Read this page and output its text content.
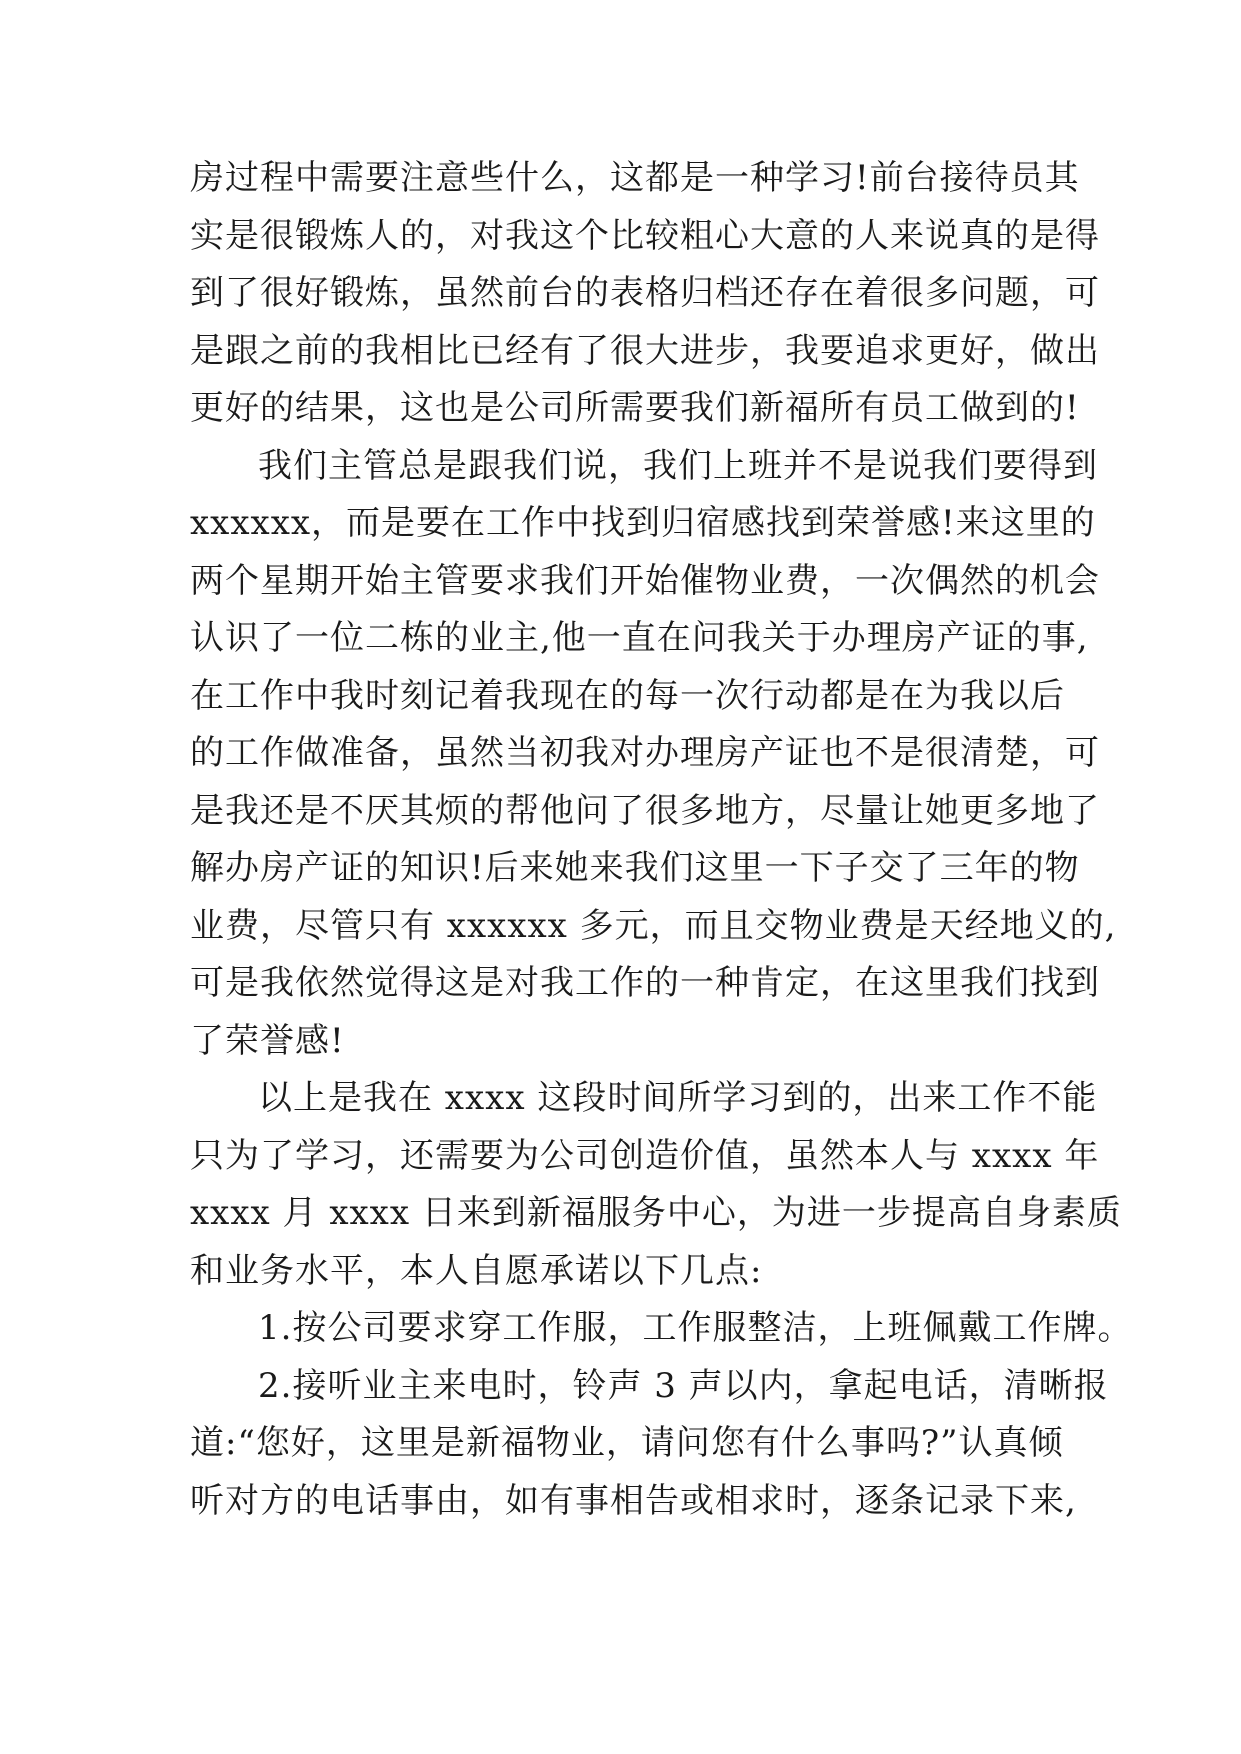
房过程中需要注意些什么，这都是一种学习!前台接待员其
实是很锻炼人的，对我这个比较粗心大意的人来说真的是得
到了很好锻炼，虽然前台的表格归档还存在着很多问题，可
是跟之前的我相比已经有了很大进步，我要追求更好，做出
更好的结果，这也是公司所需要我们新福所有员工做到的!
我们主管总是跟我们说，我们上班并不是说我们要得到
xxxxxx，而是要在工作中找到归宿感找到荣誉感!来这里的
两个星期开始主管要求我们开始催物业费，一次偶然的机会
认识了一位二栋的业主,他一直在问我关于办理房产证的事,
在工作中我时刻记着我现在的每一次行动都是在为我以后
的工作做准备，虽然当初我对办理房产证也不是很清楚，可
是我还是不厌其烦的帮他问了很多地方，尽量让她更多地了
解办房产证的知识!后来她来我们这里一下子交了三年的物
业费，尽管只有 xxxxxx 多元，而且交物业费是天经地义的,
可是我依然觉得这是对我工作的一种肯定，在这里我们找到
了荣誉感!
以上是我在 xxxx 这段时间所学习到的，出来工作不能
只为了学习，还需要为公司创造价值，虽然本人与 xxxx 年
xxxx 月 xxxx 日来到新福服务中心，为进一步提高自身素质
和业务水平，本人自愿承诺以下几点:
1.按公司要求穿工作服，工作服整洁，上班佩戴工作牌。
2.接听业主来电时，铃声 3 声以内，拿起电话，清晰报
道:“您好，这里是新福物业，请问您有什么事吗?”认真倾
听对方的电话事由，如有事相告或相求时，逐条记录下来,
